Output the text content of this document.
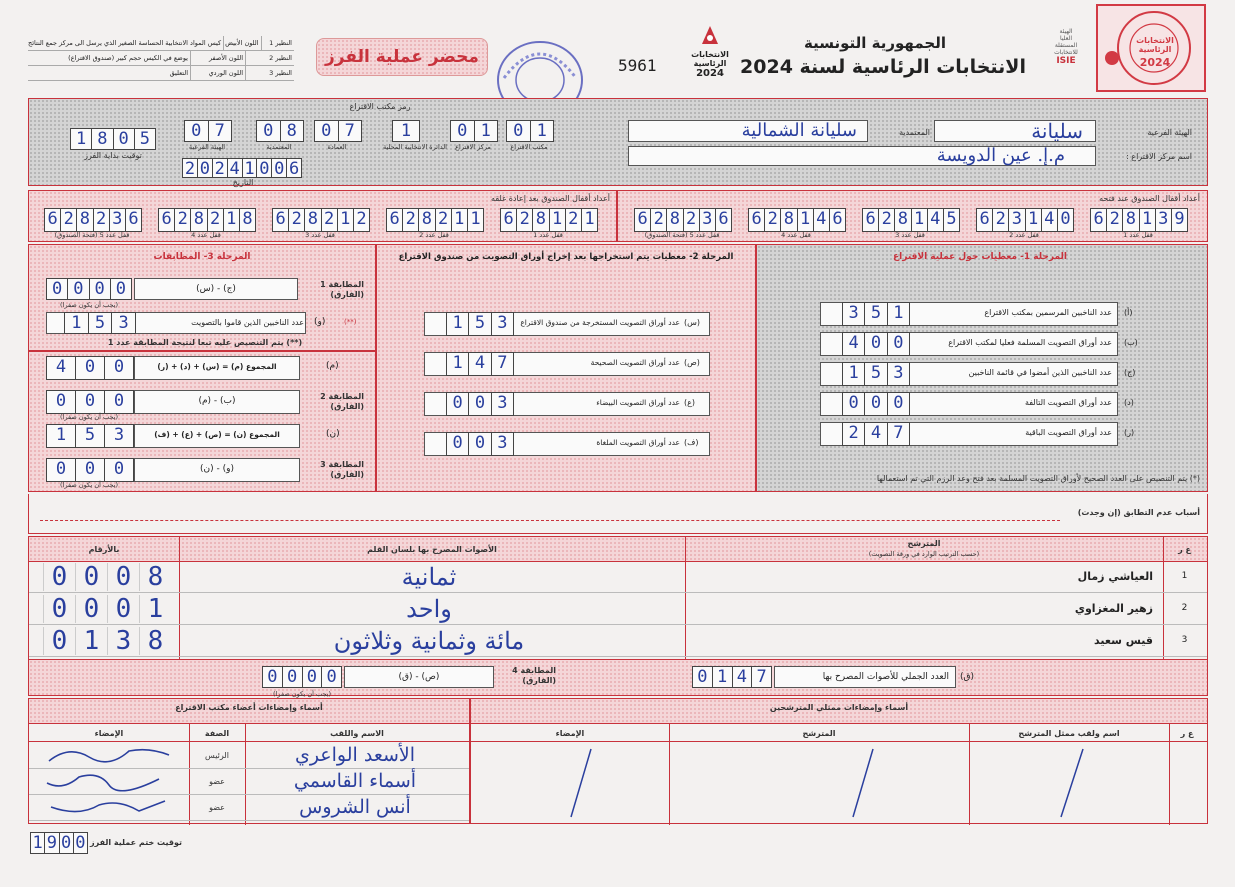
النظير 1
اللون الأبيض
كيس المواد الانتخابية الحساسة الصغير الذي يرسل الى مركز جمع النتائج
النظير 2
اللون الأصفر
يوضع في الكيس حجم كبير (صندوق الاقتراع)
النظير 3
اللون الوردي
التعليق
محضر عملية الفرز	5961
الانتخابات الرئاسية
2024
الجمهورية التونسية
الانتخابات الرئاسية لسنة 2024
الهيئة
العليا
المستقلة
للانتخابات
ISIE
الانتخابات الرئاسية
2024
1 8 0 5
توقيت بداية الفرز
رمز مكتب الاقتراع
0 1
مكتب الاقتراع
0 1
مركز الاقتراع
1
الدائرة الانتخابية المحلية
0 7
العمادة
0 8
المعتمدية
0 7
الهيئة الفرعية
2 0 2 4 1 0 0 6
التاريخ
سليانة	الهيئة الفرعية
سليانة الشمالية	المعتمدية
م.إ. عين الدويسة	اسم مركز الاقتراع :
أعداد أقفال الصندوق عند فتحه
أعداد أقفال الصندوق بعد إعادة غلقه
6 2 8 1 3 9
قفل عدد 1
6 2 3 1 4 0
قفل عدد 2
6 2 8 1 4 5
قفل عدد 3
6 2 8 1 4 6
قفل عدد 4
6 2 8 2 3 6
قفل عدد 5 (فتحة الصندوق)
6 2 8 1 2 1
قفل عدد 1
6 2 8 2 1 1
قفل عدد 2
6 2 8 2 1 2
قفل عدد 3
6 2 8 2 1 8
قفل عدد 4
6 2 8 2 3 6
قفل عدد 5 (فتحة الصندوق)
المرحلة 1- معطيات حول عملية الاقتراع
3 5 1	عدد الناخبين المرسمين بمكتب الاقتراع (أ)
4 0 0	عدد أوراق التصويت المسلمة فعليا لمكتب الاقتراع (ب)
1 5 3	عدد الناخبين الذين أمضوا في قائمة الناخبين (ج)
0 0 0	عدد أوراق التصويت التالفة (د)
2 4 7	عدد أوراق التصويت الباقية (ر)
(*) يتم التنصيص على العدد الصحيح لأوراق التصويت المسلمة بعد فتح وعد الرزم التي تم استعمالها
المرحلة 2- معطيات يتم استخراجها بعد إخراج أوراق التصويت من صندوق الاقتراع
1 5 3	عدد أوراق التصويت المستخرجة من صندوق الاقتراع (س)
1 4 7	عدد أوراق التصويت الصحيحة (ص)
0 0 3	عدد أوراق التصويت البيضاء (ع)
0 0 3	عدد أوراق التصويت الملغاة (ف)
المرحلة 3- المطابقات
0 0 0 0	(ج) - (س)	المطابقة 1 (الفارق)
(يجب أن يكون صفرا)
1 5 3	عدد الناخبين الذين قاموا بالتصويت (و)	(**)
(**) يتم التنصيص عليه تبعا لنتيجة المطابقة عدد 1
4	0	0	المجموع (م) = (س) + (د) + (ر)	(م)
0	0	0	(ب) - (م)	المطابقة 2 (الفارق)
(يجب أن يكون صفرا)
1	5	3	المجموع (ن) = (ص) + (ع) + (ف)	(ن)
0	0	0	(و) - (ن)	المطابقة 3 (الفارق)
(يجب أن يكون صفرا)
أسباب عدم التطابق (إن وجدت)
بالأرقام	الأصوات المصرح بها بلسان القلم
المترشح
(حسب الترتيب الوارد في ورقة التصويت)	ع ر
1
العياشي زمال
ثمانية
0 0 0 8
2
زهير المغزاوي
واحد
0 0 0 1
3
قيس سعيد
مائة وثمانية وثلاثون
0 1 3 8
0 1 4 7	العدد الجملي للأصوات المصرح بها	(ق)
0 0 0 0	(ص) - (ق)
المطابقة 4 (الفارق)
(يجب أن يكون صفرا)
أسماء وإمضاءات ممثلي المترشحين
أسماء وإمضاءات أعضاء مكتب الاقتراع
ع ر
اسم ولقب ممثل المترشح
المترشح
الإمضاء
الصفة	الاسم واللقب
الإمضاء
الرئيس	الأسعد الواعري
عضو	أسماء القاسمي
عضو	أنس الشروس
1 9 0 0 توقيت ختم عملية الفرز
